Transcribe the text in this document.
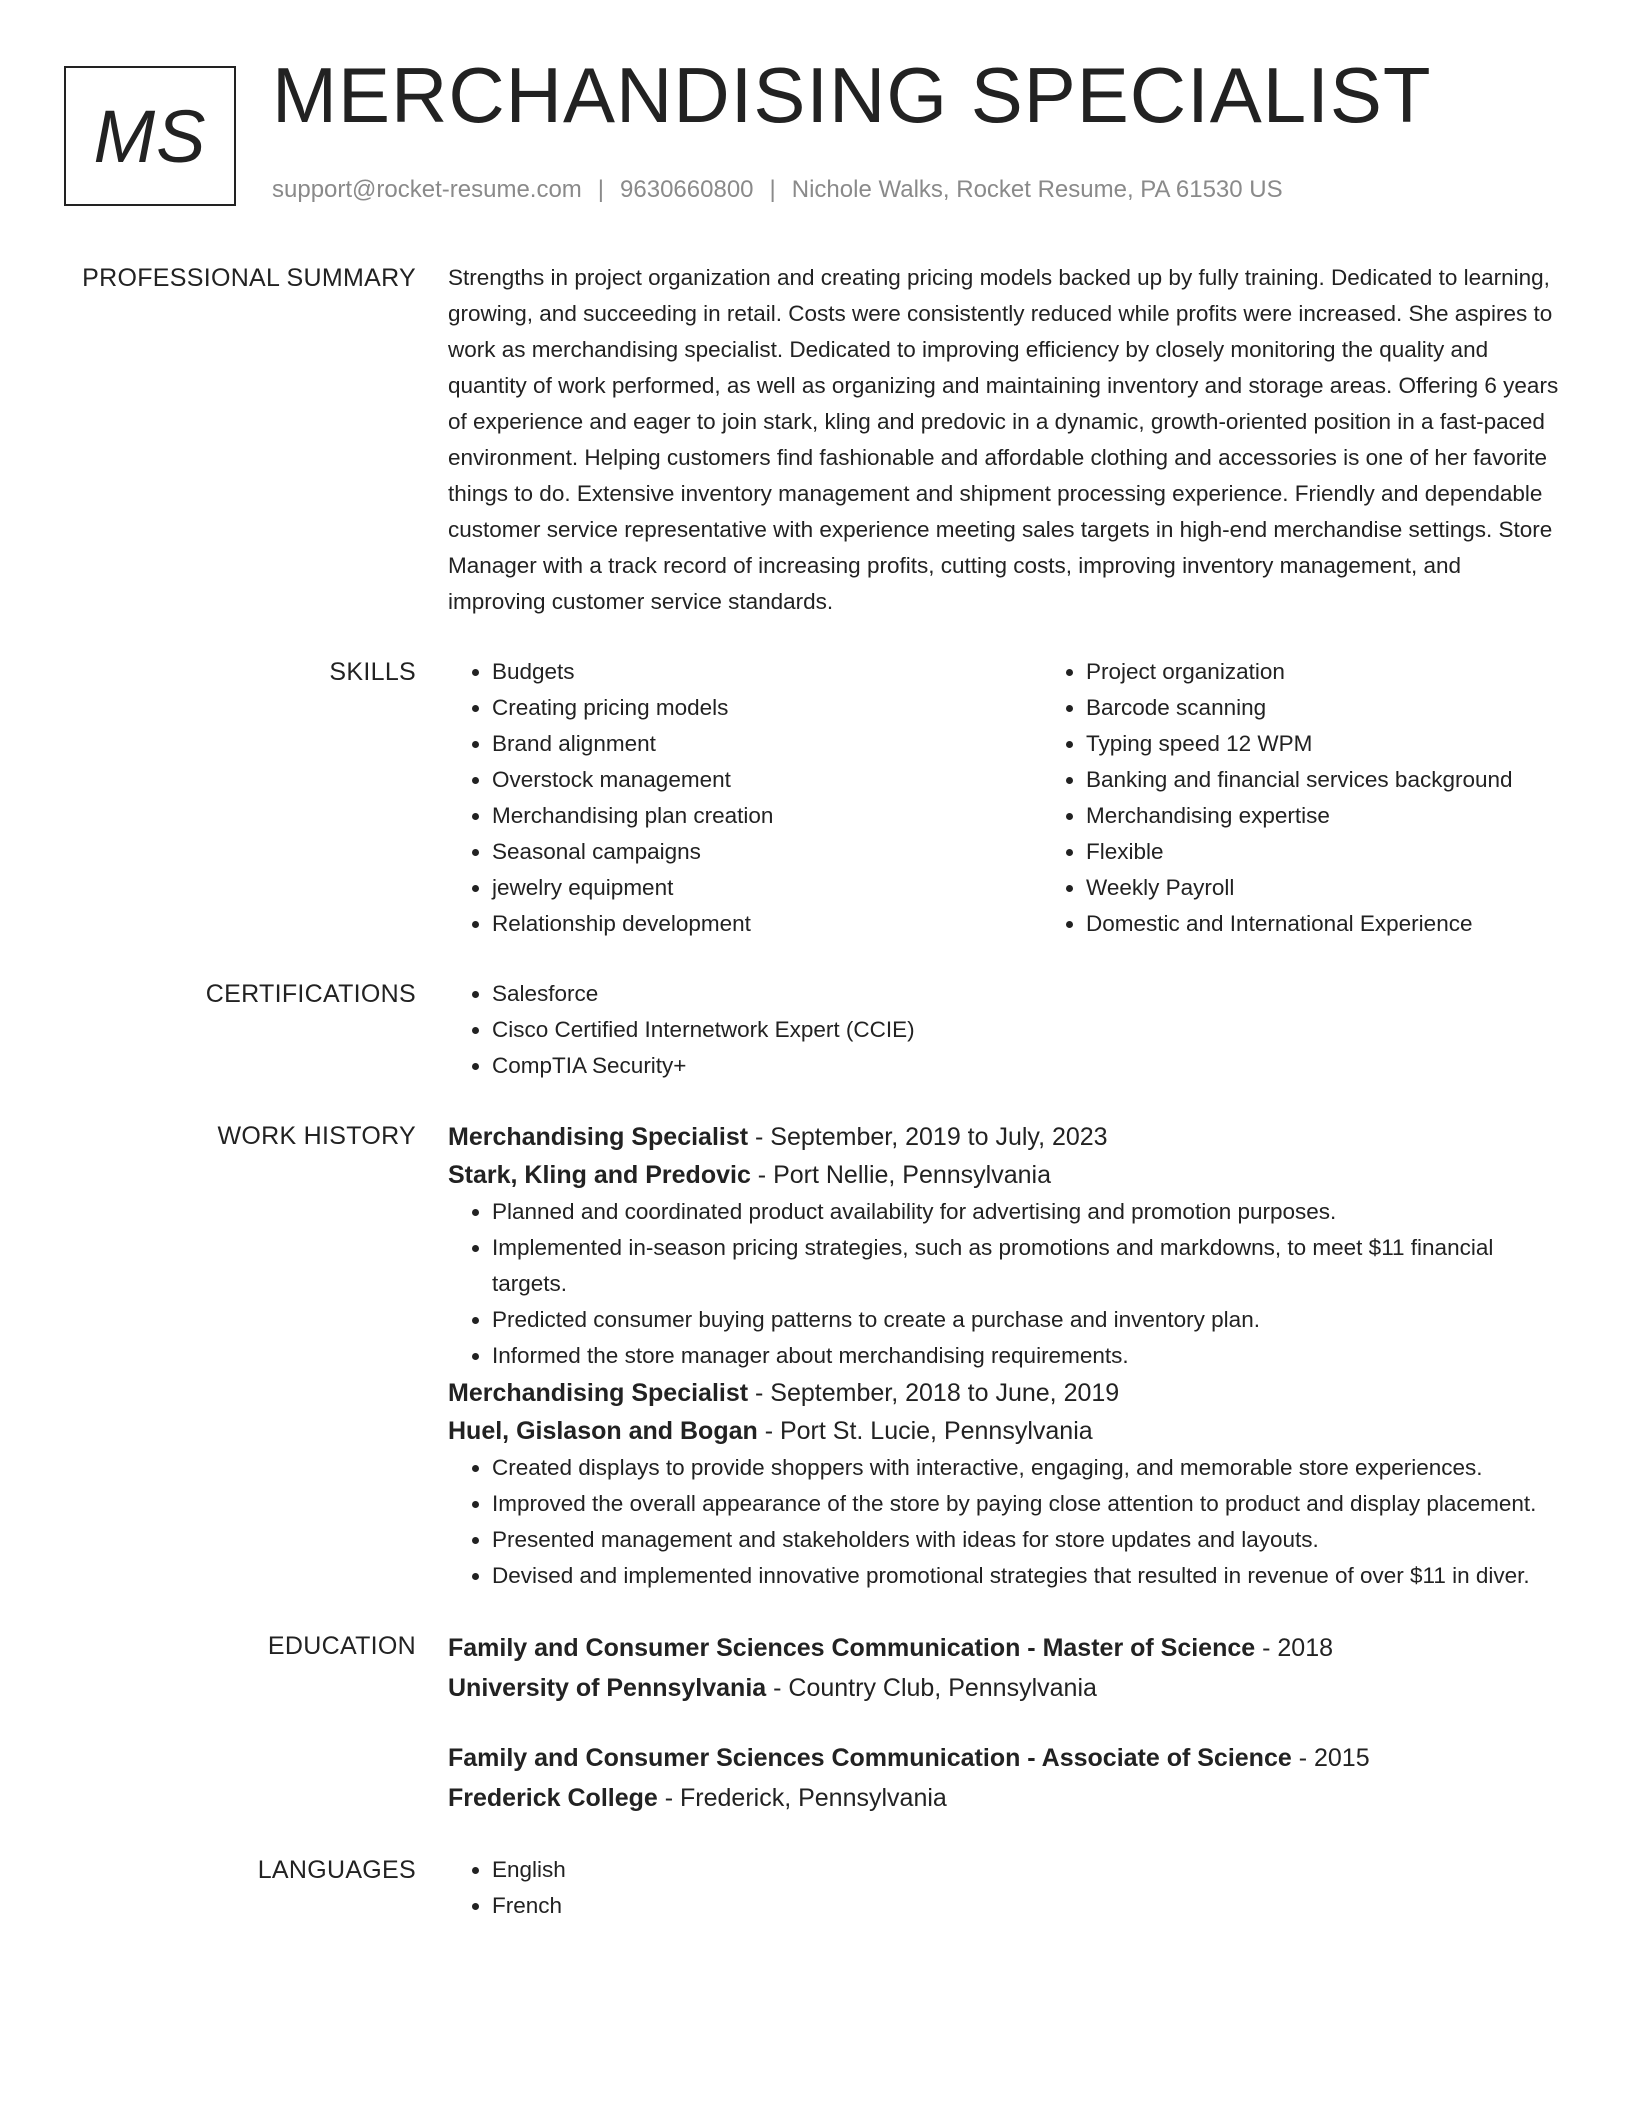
MS MERCHANDISING SPECIALIST
support@rocket-resume.com | 9630660800 | Nichole Walks, Rocket Resume, PA 61530 US
PROFESSIONAL SUMMARY Strengths in project organization and creating pricing models backed up by fully training. Dedicated to learning, growing, and succeeding in retail. Costs were consistently reduced while profits were increased. She aspires to work as merchandising specialist. Dedicated to improving efficiency by closely monitoring the quality and quantity of work performed, as well as organizing and maintaining inventory and storage areas. Offering 6 years of experience and eager to join stark, kling and predovic in a dynamic, growth-oriented position in a fast-paced environment. Helping customers find fashionable and affordable clothing and accessories is one of her favorite things to do. Extensive inventory management and shipment processing experience. Friendly and dependable customer service representative with experience meeting sales targets in high-end merchandise settings. Store Manager with a track record of increasing profits, cutting costs, improving inventory management, and improving customer service standards.

SKILLS	• Budgets
• Creating pricing models
• Brand alignment
• Overstock management
• Merchandising plan creation
• Seasonal campaigns
• jewelry equipment
• Relationship development
• Project organization
• Barcode scanning
• Typing speed 12 WPM
• Banking and financial services background
• Merchandising expertise
• Flexible
• Weekly Payroll
• Domestic and International Experience
CERTIFICATIONS	• Salesforce
• Cisco Certified Internetwork Expert (CCIE)
• CompTIA Security+
WORK HISTORY Merchandising Specialist - September, 2019 to July, 2023
Stark, Kling and Predovic - Port Nellie, Pennsylvania
• Planned and coordinated product availability for advertising and promotion purposes.
• Implemented in-season pricing strategies, such as promotions and markdowns, to meet $11 financial targets.
• Predicted consumer buying patterns to create a purchase and inventory plan.
• Informed the store manager about merchandising requirements.
Merchandising Specialist - September, 2018 to June, 2019
Huel, Gislason and Bogan - Port St. Lucie, Pennsylvania
• Created displays to provide shoppers with interactive, engaging, and memorable store experiences.
• Improved the overall appearance of the store by paying close attention to product and display placement.
• Presented management and stakeholders with ideas for store updates and layouts.
• Devised and implemented innovative promotional strategies that resulted in revenue of over $11 in diver.
EDUCATION Family and Consumer Sciences Communication - Master of Science - 2018
University of Pennsylvania - Country Club, Pennsylvania
Family and Consumer Sciences Communication - Associate of Science - 2015
Frederick College - Frederick, Pennsylvania
LANGUAGES	• English
• French
